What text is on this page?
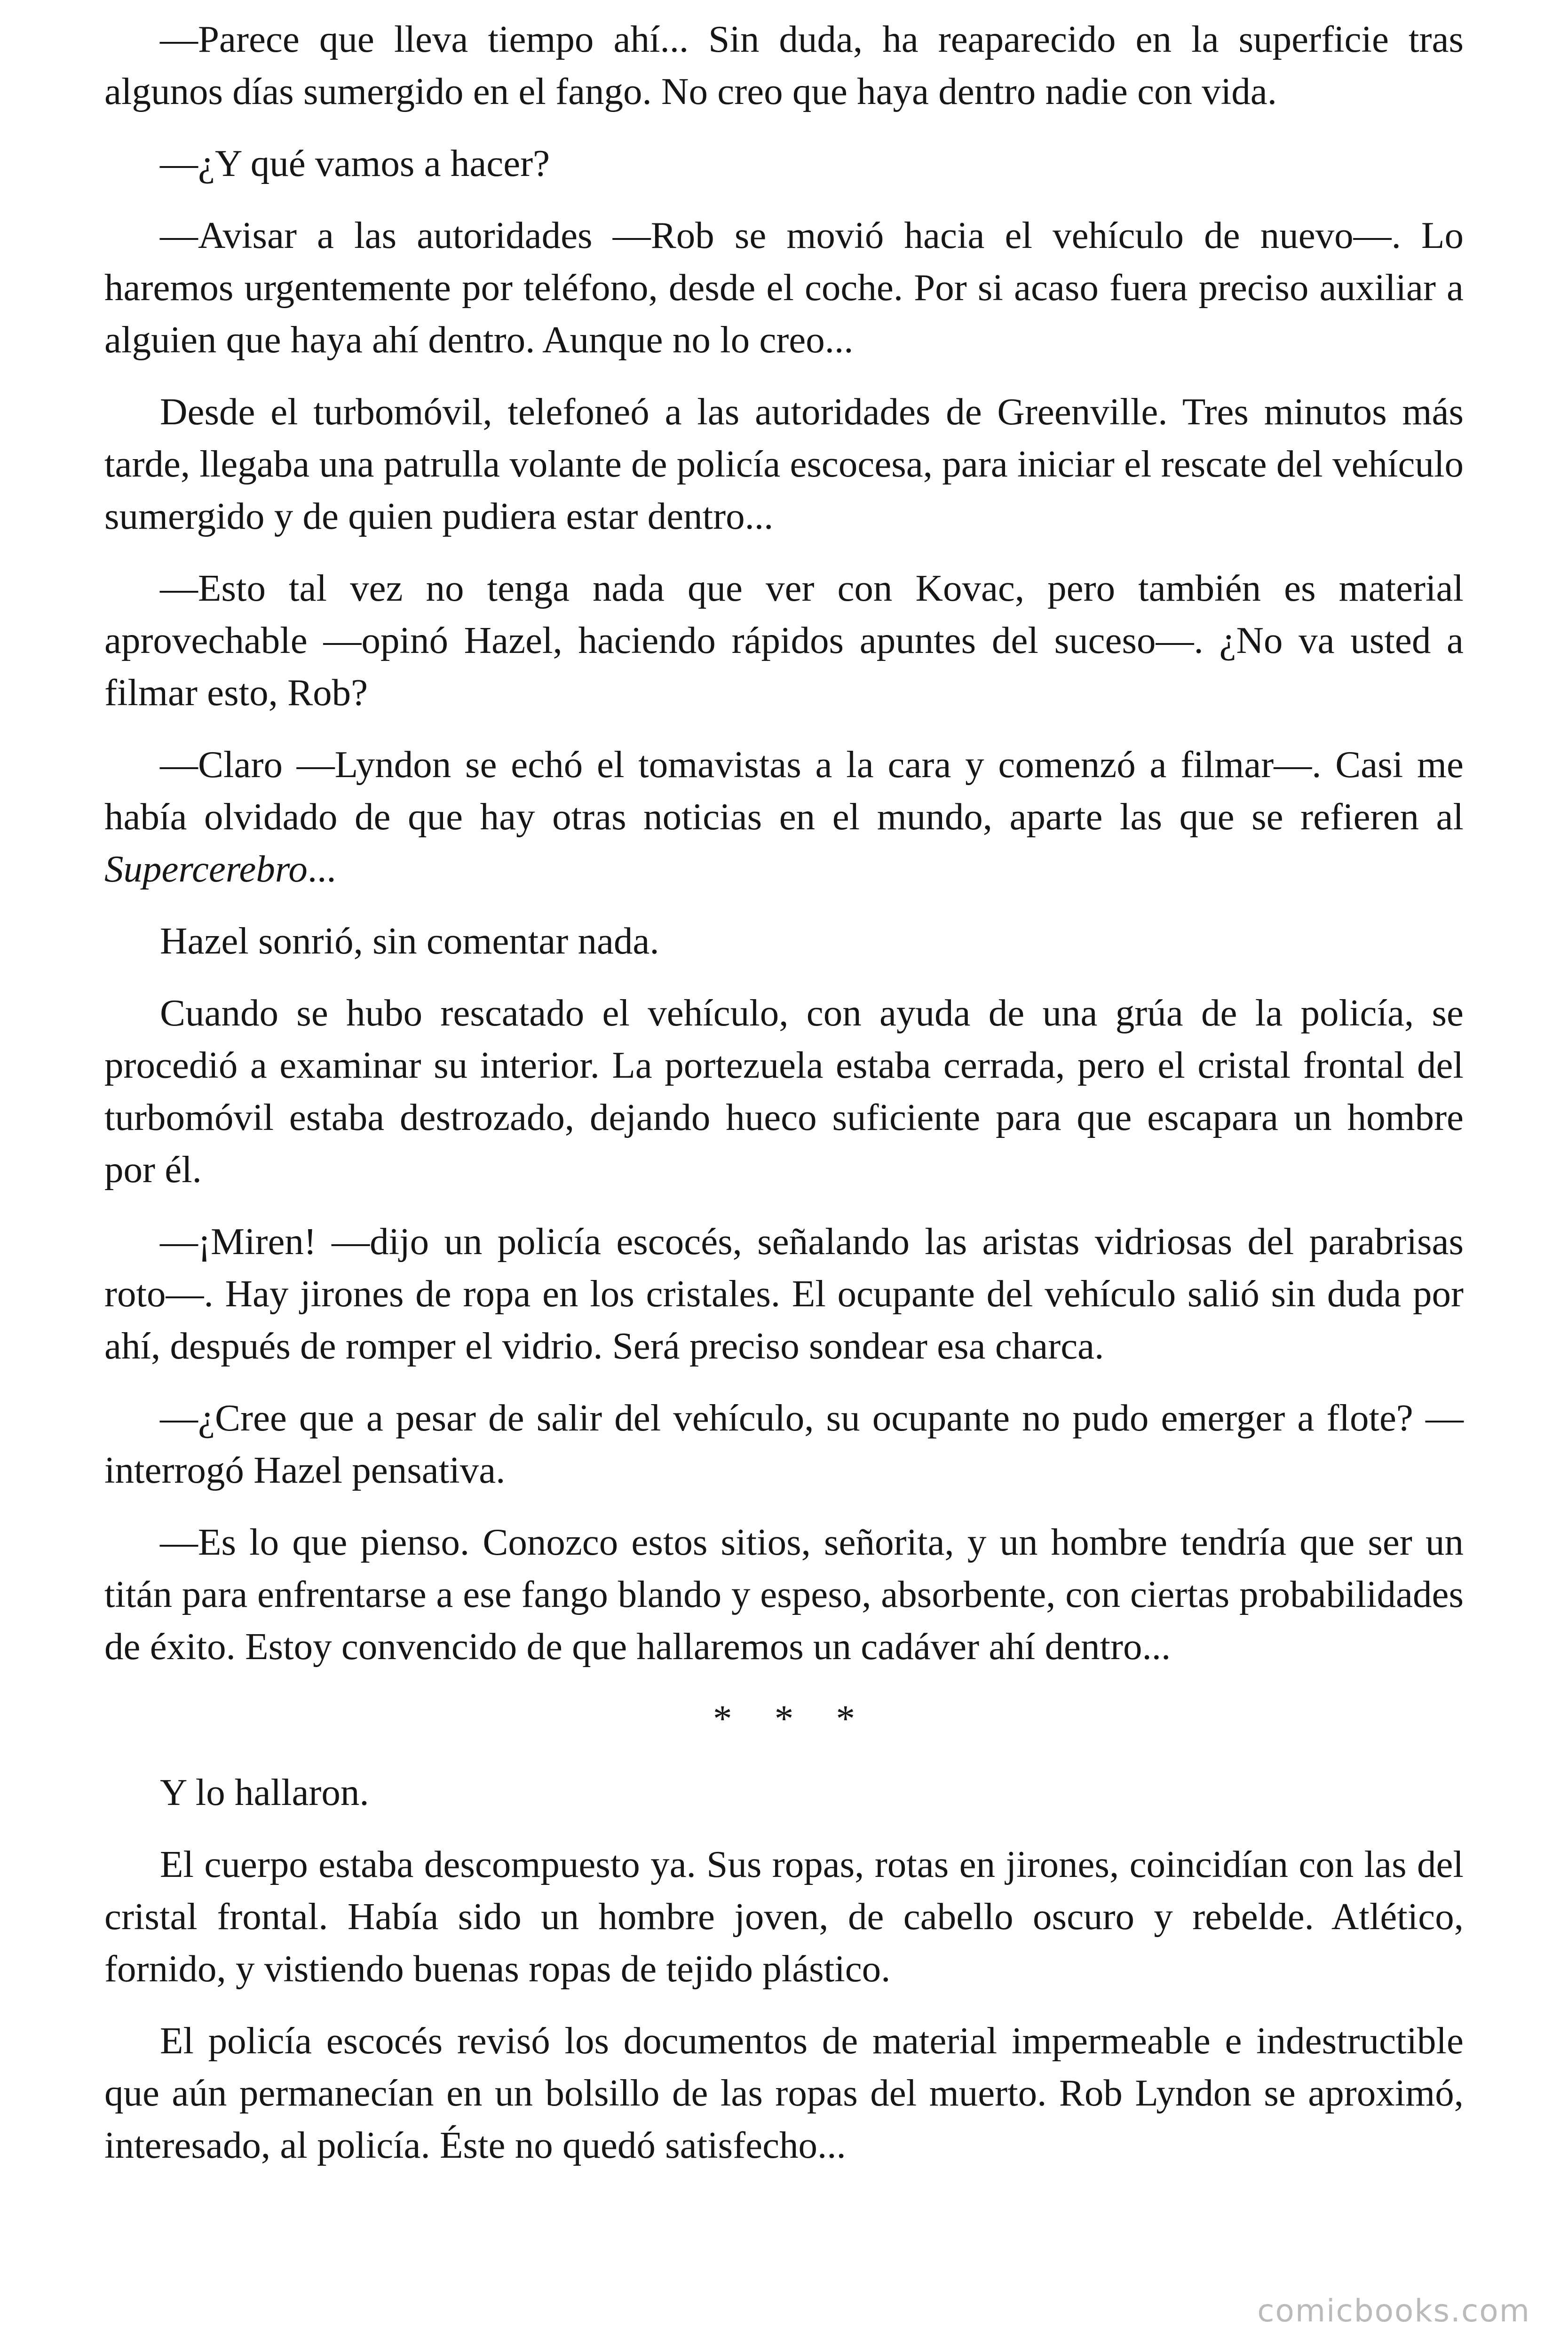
—Parece que lleva tiempo ahí... Sin duda, ha reaparecido en la superficie tras algunos días sumergido en el fango. No creo que haya dentro nadie con vida.

—¿Y qué vamos a hacer?

—Avisar a las autoridades —Rob se movió hacia el vehículo de nuevo—. Lo haremos urgentemente por teléfono, desde el coche. Por si acaso fuera preciso auxiliar a alguien que haya ahí dentro. Aunque no lo creo...

Desde el turbomóvil, telefoneó a las autoridades de Greenville. Tres minutos más tarde, llegaba una patrulla volante de policía escocesa, para iniciar el rescate del vehículo sumergido y de quien pudiera estar dentro...

—Esto tal vez no tenga nada que ver con Kovac, pero también es material aprovechable —opinó Hazel, haciendo rápidos apuntes del suceso—. ¿No va usted a filmar esto, Rob?

—Claro —Lyndon se echó el tomavistas a la cara y comenzó a filmar—. Casi me había olvidado de que hay otras noticias en el mundo, aparte las que se refieren al Supercerebro...

Hazel sonrió, sin comentar nada.

Cuando se hubo rescatado el vehículo, con ayuda de una grúa de la policía, se procedió a examinar su interior. La portezuela estaba cerrada, pero el cristal frontal del turbomóvil estaba destrozado, dejando hueco suficiente para que escapara un hombre por él.

—¡Miren! —dijo un policía escocés, señalando las aristas vidriosas del parabrisas roto—. Hay jirones de ropa en los cristales. El ocupante del vehículo salió sin duda por ahí, después de romper el vidrio. Será preciso sondear esa charca.

—¿Cree que a pesar de salir del vehículo, su ocupante no pudo emerger a flote? —interrogó Hazel pensativa.

—Es lo que pienso. Conozco estos sitios, señorita, y un hombre tendría que ser un titán para enfrentarse a ese fango blando y espeso, absorbente, con ciertas probabilidades de éxito. Estoy convencido de que hallaremos un cadáver ahí dentro...

* * *

Y lo hallaron.

El cuerpo estaba descompuesto ya. Sus ropas, rotas en jirones, coincidían con las del cristal frontal. Había sido un hombre joven, de cabello oscuro y rebelde. Atlético, fornido, y vistiendo buenas ropas de tejido plástico.

El policía escocés revisó los documentos de material impermeable e indestructible que aún permanecían en un bolsillo de las ropas del muerto. Rob Lyndon se aproximó, interesado, al policía. Éste no quedó satisfecho...

comicbooks.com
